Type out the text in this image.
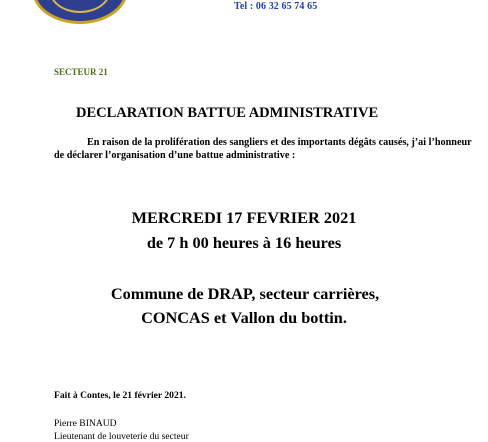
Tel : 06 32 65 74 65
SECTEUR 21
DECLARATION BATTUE ADMINISTRATIVE
En raison de la prolifération des sangliers et des importants dégâts causés, j’ai l’honneur de déclarer l’organisation d’une battue administrative :
MERCREDI 17 FEVRIER 2021
de 7 h 00 heures à 16 heures
Commune de DRAP, secteur carrières,
CONCAS et Vallon du bottin.
Fait à Contes, le 21 février 2021.
Pierre BINAUD
Lieutenant de louveterie du secteur
